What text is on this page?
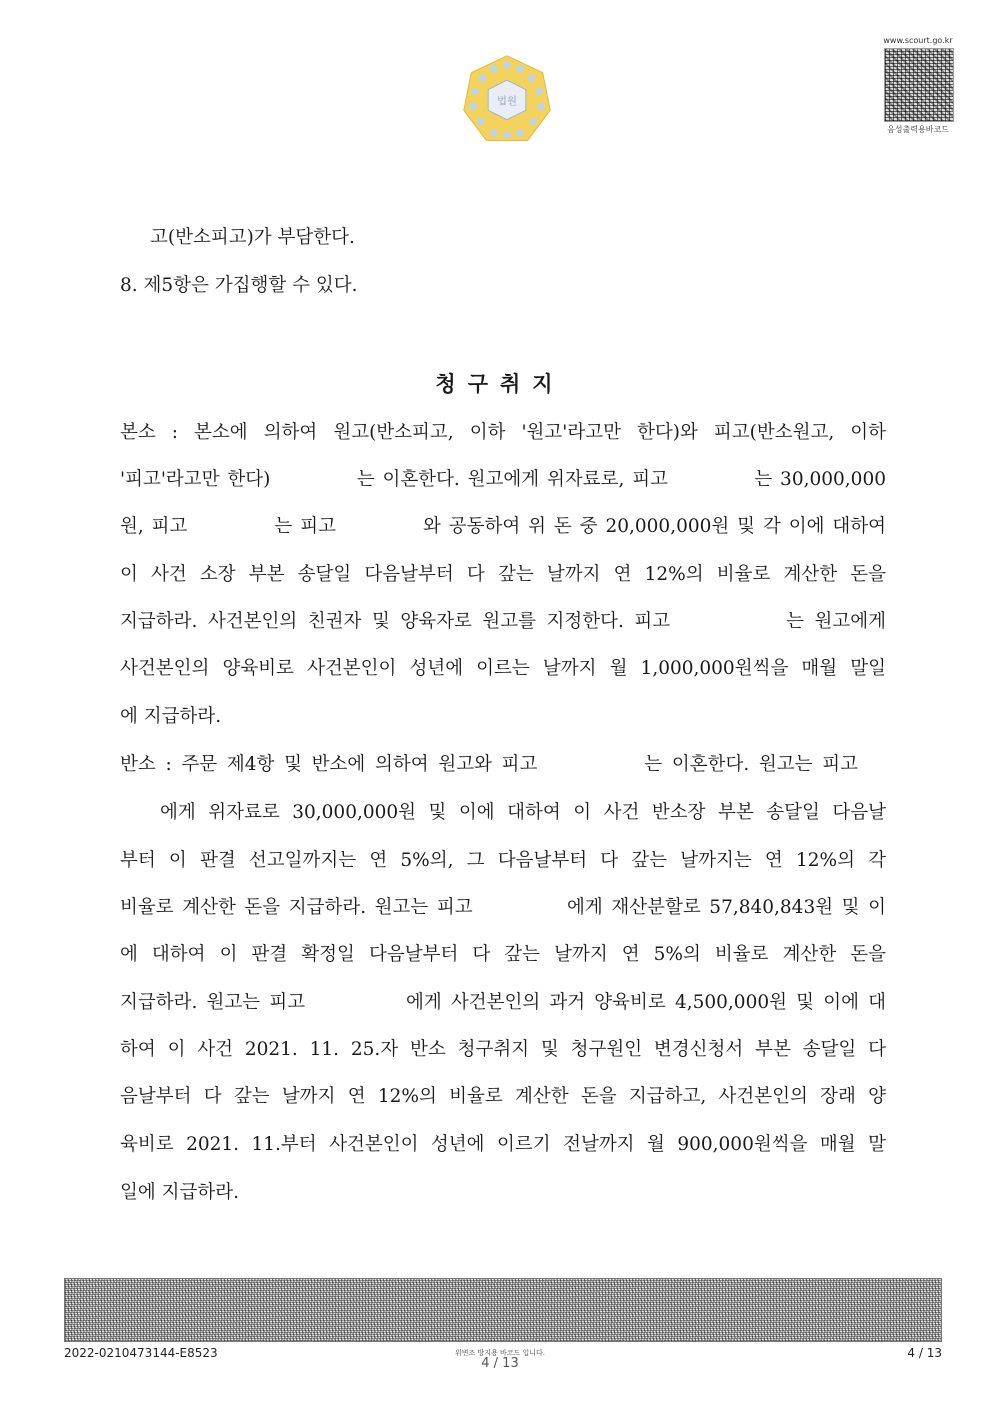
법원
www.scourt.go.kr
음성출력용바코드
고(반소피고)가 부담한다.
8. 제5항은 가집행할 수 있다.
청구취지
본소 : 본소에 의하여 원고(반소피고, 이하 '원고'라고만 한다)와 피고(반소원고, 이하
'피고'라고만 한다)           는 이혼한다. 원고에게 위자료로, 피고           는 30,000,000
원, 피고           는 피고           와 공동하여 위 돈 중 20,000,000원 및 각 이에 대하여
이 사건 소장 부본 송달일 다음날부터 다 갚는 날까지 연 12%의 비율로 계산한 돈을
지급하라. 사건본인의 친권자 및 양육자로 원고를 지정한다. 피고           는 원고에게
사건본인의 양육비로 사건본인이 성년에 이르는 날까지 월 1,000,000원씩을 매월 말일
에 지급하라.
반소 : 주문 제4항 및 반소에 의하여 원고와 피고           는 이혼한다. 원고는 피고
에게 위자료로 30,000,000원 및 이에 대하여 이 사건 반소장 부본 송달일 다음날
부터 이 판결 선고일까지는 연 5%의, 그 다음날부터 다 갚는 날까지는 연 12%의 각
비율로 계산한 돈을 지급하라. 원고는 피고           에게 재산분할로 57,840,843원 및 이
에 대하여 이 판결 확정일 다음날부터 다 갚는 날까지 연 5%의 비율로 계산한 돈을
지급하라. 원고는 피고           에게 사건본인의 과거 양육비로 4,500,000원 및 이에 대
하여 이 사건 2021. 11. 25.자 반소 청구취지 및 청구원인 변경신청서 부본 송달일 다
음날부터 다 갚는 날까지 연 12%의 비율로 계산한 돈을 지급하고, 사건본인의 장래 양
육비로 2021. 11.부터 사건본인이 성년에 이르기 전날까지 월 900,000원씩을 매월 말
일에 지급하라.
2022-0210473144-E8523	위변조 방지용 바코드 입니다.
4 / 13
4 / 13
